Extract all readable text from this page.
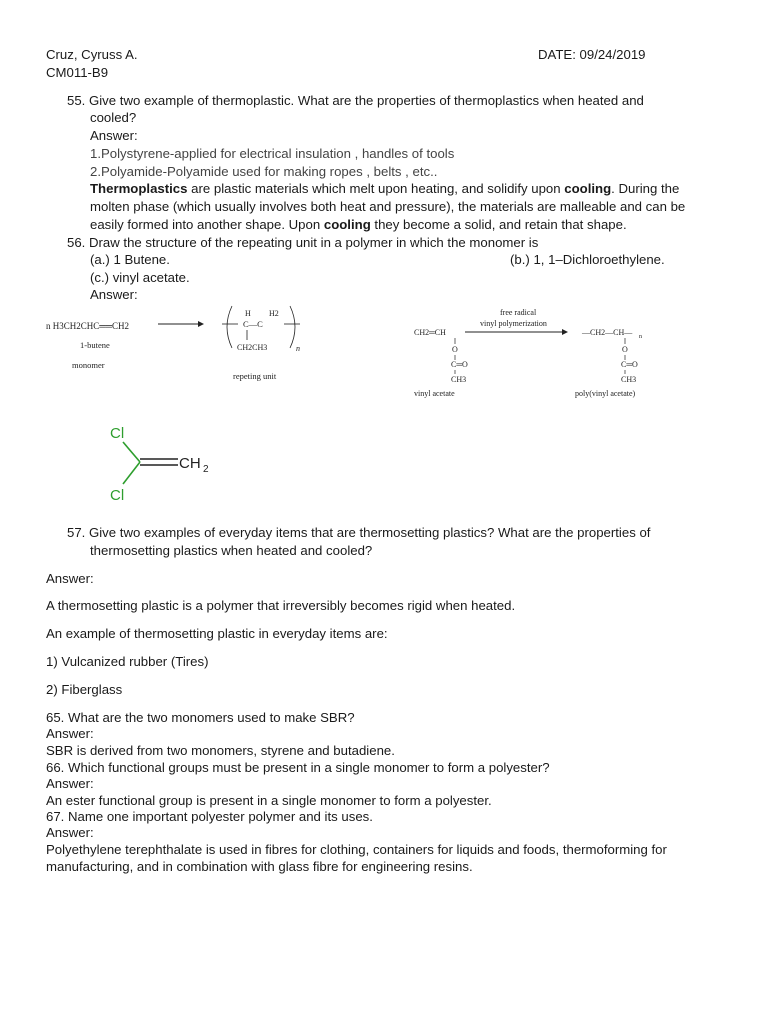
Cruz, Cyruss A.	DATE: 09/24/2019
CM011-B9
55. Give two example of thermoplastic. What are the properties of thermoplastics when heated and
cooled?
Answer:
1.Polystyrene-applied for electrical insulation , handles of tools
2.Polyamide-Polyamide used for making ropes , belts , etc..
Thermoplastics are plastic materials which melt upon heating, and solidify upon cooling. During the
molten phase (which usually involves both heat and pressure), the materials are malleable and can be
easily formed into another shape. Upon cooling they become a solid, and retain that shape.
56. Draw the structure of the repeating unit in a polymer in which the monomer is
(a.) 1 Butene.	(b.) 1, 1–Dichloroethylene.
(c.) vinyl acetate.
Answer:
n H3CH2CHC══CH2
1-butene
monomer
H H2
C—C
CH2CH3	n
repeting unit
free radical
vinyl polymerization
CH2═CH
O
C═O
CH3
vinyl acetate
—CH2—CH— n
O
C═O
CH3
poly(vinyl acetate)
Cl
Cl
CH 2
57. Give two examples of everyday items that are thermosetting plastics? What are the properties of
thermosetting plastics when heated and cooled?
Answer:
A thermosetting plastic is a polymer that irreversibly becomes rigid when heated.
An example of thermosetting plastic in everyday items are:
1) Vulcanized rubber (Tires)
2) Fiberglass
65. What are the two monomers used to make SBR?
Answer:
SBR is derived from two monomers, styrene and butadiene.
66. Which functional groups must be present in a single monomer to form a polyester?
Answer:
An ester functional group is present in a single monomer to form a polyester.
67. Name one important polyester polymer and its uses.
Answer:
Polyethylene terephthalate is used in fibres for clothing, containers for liquids and foods, thermoforming for
manufacturing, and in combination with glass fibre for engineering resins.
